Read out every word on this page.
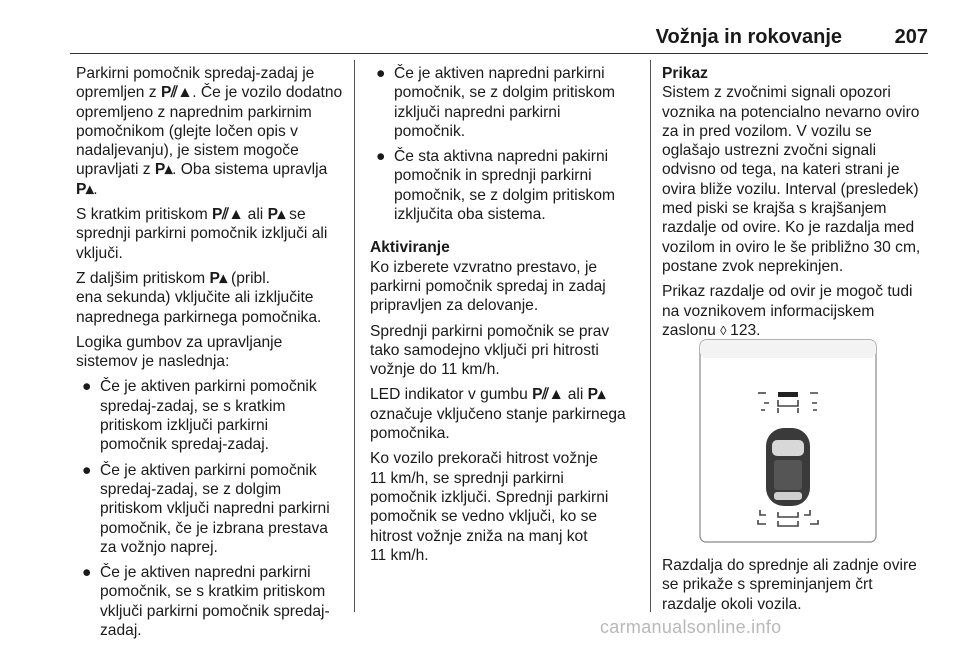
Vožnja in rokovanje	207

Parkirni pomočnik spredaj-zadaj je
opremljen z P⫽▲. Če je vozilo dodatno
opremljeno z naprednim parkirnim
pomočnikom (glejte ločen opis v
nadaljevanju), je sistem mogoče
upravljati z P▴. Oba sistema upravlja
P▴.

S kratkim pritiskom P⫽▲ ali P▴ se
sprednji parkirni pomočnik izključi ali
vključi.

Z daljšim pritiskom P▴ (pribl.
ena sekunda) vključite ali izključite
naprednega parkirnega pomočnika.

Logika gumbov za upravljanje
sistemov je naslednja:

● Če je aktiven parkirni pomočnik
spredaj-zadaj, se s kratkim
pritiskom izključi parkirni
pomočnik spredaj-zadaj.
● Če je aktiven parkirni pomočnik
spredaj-zadaj, se z dolgim
pritiskom vključi napredni parkirni
pomočnik, če je izbrana prestava
za vožnjo naprej.
● Če je aktiven napredni parkirni
pomočnik, se s kratkim pritiskom
vključi parkirni pomočnik spredaj-
zadaj.
● Če je aktiven napredni parkirni
pomočnik, se z dolgim pritiskom
izključi napredni parkirni
pomočnik.
● Če sta aktivna napredni pakirni
pomočnik in sprednji parkirni
pomočnik, se z dolgim pritiskom
izključita oba sistema.

Aktiviranje

Ko izberete vzvratno prestavo, je
parkirni pomočnik spredaj in zadaj
pripravljen za delovanje.

Sprednji parkirni pomočnik se prav
tako samodejno vključi pri hitrosti
vožnje do 11 km/h.

LED indikator v gumbu P⫽▲ ali P▴
označuje vključeno stanje parkirnega
pomočnika.

Ko vozilo prekorači hitrost vožnje
11 km/h, se sprednji parkirni
pomočnik izključi. Sprednji parkirni
pomočnik se vedno vključi, ko se
hitrost vožnje zniža na manj kot
11 km/h.

Prikaz

Sistem z zvočnimi signali opozori
voznika na potencialno nevarno oviro
za in pred vozilom. V vozilu se
oglašajo ustrezni zvočni signali
odvisno od tega, na kateri strani je
ovira bliže vozilu. Interval (presledek)
med piski se krajša s krajšanjem
razdalje od ovire. Ko je razdalja med
vozilom in oviro le še približno 30 cm,
postane zvok neprekinjen.

Prikaz razdalje od ovir je mogoč tudi
na voznikovem informacijskem
zaslonu ◊ 123.

Razdalja do sprednje ali zadnje ovire
se prikaže s spreminjanjem črt
razdalje okoli vozila.
carmanualsonline.info
